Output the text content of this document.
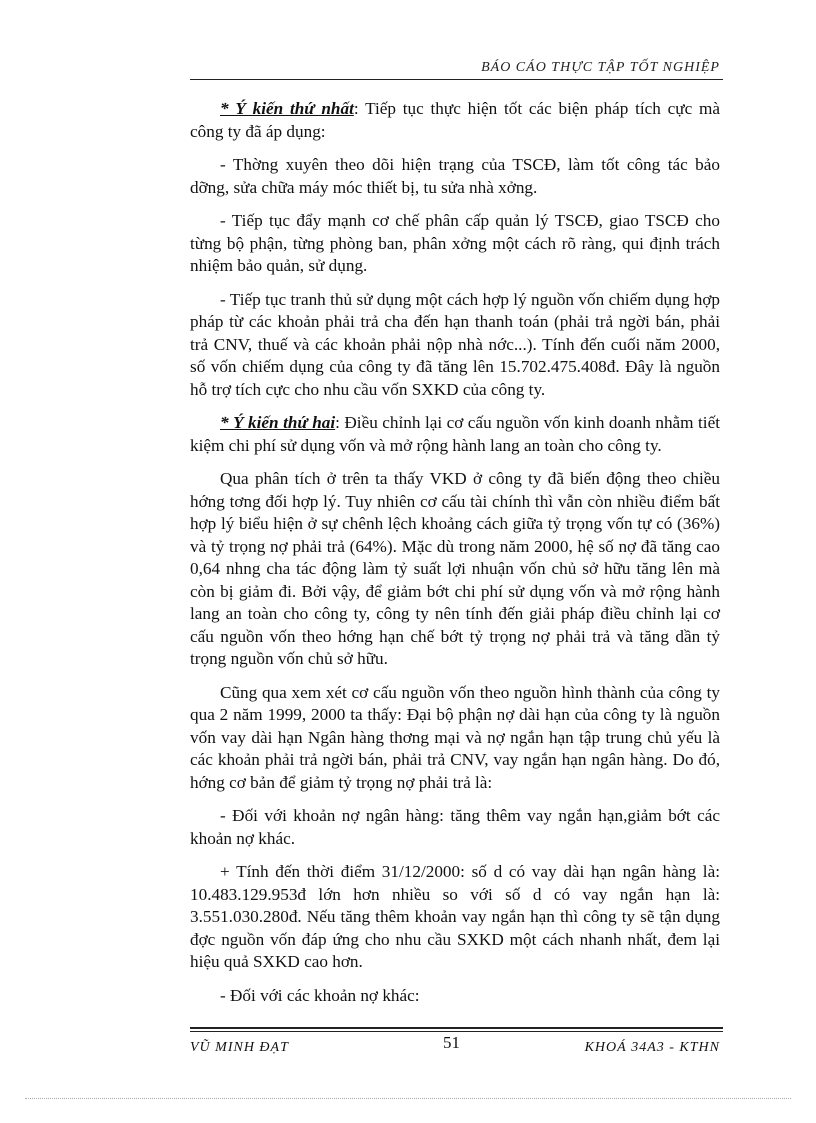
BÁO CÁO THỰC TẬP TỐT NGHIỆP

* Ý kiến thứ nhất: Tiếp tục thực hiện tốt các biện pháp tích cực mà công ty đã áp dụng:

- Thờng xuyên theo dõi hiện trạng của TSCĐ, làm tốt công tác bảo dỡng, sửa chữa máy móc thiết bị, tu sửa nhà xởng.

- Tiếp tục đẩy mạnh cơ chế phân cấp quản lý TSCĐ, giao TSCĐ cho từng bộ phận, từng phòng ban, phân xởng một cách rõ ràng, qui định trách nhiệm bảo quản, sử dụng.

- Tiếp tục tranh thủ sử dụng một cách hợp lý nguồn vốn chiếm dụng hợp pháp từ các khoản phải trả cha đến hạn thanh toán (phải trả ngời bán, phải trả CNV, thuế và các khoản phải nộp nhà nớc...). Tính đến cuối năm 2000, số vốn chiếm dụng của công ty đã tăng lên 15.702.475.408đ. Đây là nguồn hỗ trợ tích cực cho nhu cầu vốn SXKD của công ty.

* Ý kiến thứ hai: Điều chỉnh lại cơ cấu nguồn vốn kinh doanh nhằm tiết kiệm chi phí sử dụng vốn và mở rộng hành lang an toàn cho công ty.

Qua phân tích ở trên ta thấy VKD ở công ty đã biến động theo chiều hớng tơng đối hợp lý. Tuy nhiên cơ cấu tài chính thì vẫn còn nhiều điểm bất hợp lý biểu hiện ở sự chênh lệch khoảng cách giữa tỷ trọng vốn tự có (36%) và tỷ trọng nợ phải trả (64%). Mặc dù trong năm 2000, hệ số nợ đã tăng cao 0,64 nhng cha tác động làm tỷ suất lợi nhuận vốn chủ sở hữu tăng lên mà còn bị giảm đi. Bởi vậy, để giảm bớt chi phí sử dụng vốn và mở rộng hành lang an toàn cho công ty, công ty nên tính đến giải pháp điều chỉnh lại cơ cấu nguồn vốn theo hớng hạn chế bớt tỷ trọng nợ phải trả và tăng dần tỷ trọng nguồn vốn chủ sở hữu.

Cũng qua xem xét cơ cấu nguồn vốn theo nguồn hình thành của công ty qua 2 năm 1999, 2000 ta thấy: Đại bộ phận nợ dài hạn của công ty là nguồn vốn vay dài hạn Ngân hàng thơng mại và nợ ngắn hạn tập trung chủ yếu là các khoản phải trả ngời bán, phải trả CNV, vay ngắn hạn ngân hàng. Do đó, hớng cơ bản để giảm tỷ trọng nợ phải trả là:

- Đối với khoản nợ ngân hàng: tăng thêm vay ngắn hạn,giảm bớt các khoản nợ khác.

+ Tính đến thời điểm 31/12/2000: số d có vay dài hạn ngân hàng là: 10.483.129.953đ lớn hơn nhiều so với số d có vay ngắn hạn là: 3.551.030.280đ. Nếu tăng thêm khoản vay ngắn hạn thì công ty sẽ tận dụng đợc nguồn vốn đáp ứng cho nhu cầu SXKD một cách nhanh nhất, đem lại hiệu quả SXKD cao hơn.

- Đối với các khoản nợ khác:

VŨ MINH ĐẠT	51	KHOÁ 34A3 - KTHN
